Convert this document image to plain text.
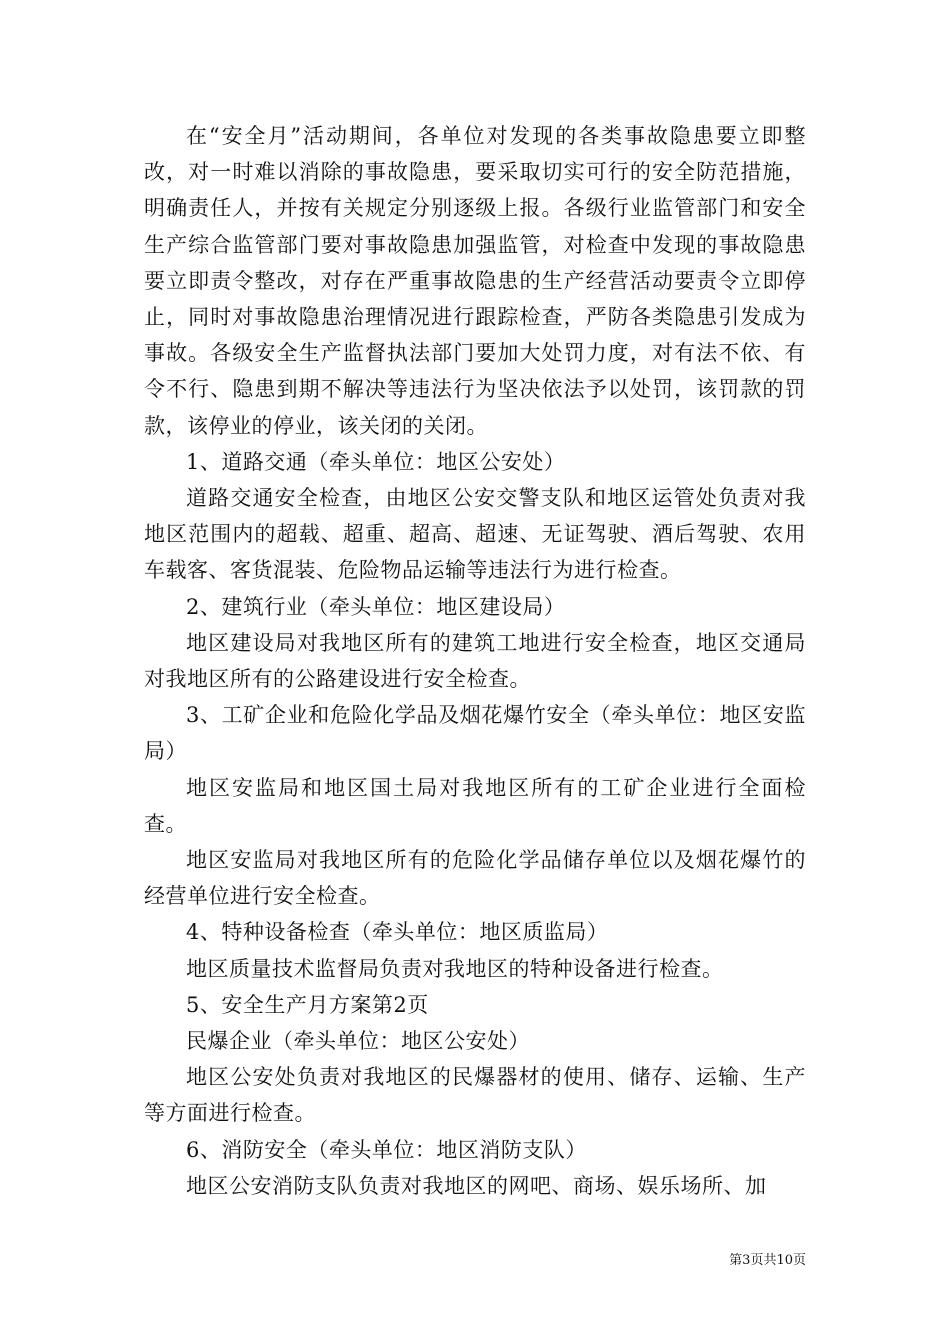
在“安全月”活动期间，各单位对发现的各类事故隐患要立即整改，对一时难以消除的事故隐患，要采取切实可行的安全防范措施，明确责任人，并按有关规定分别逐级上报。各级行业监管部门和安全生产综合监管部门要对事故隐患加强监管，对检查中发现的事故隐患要立即责令整改，对存在严重事故隐患的生产经营活动要责令立即停止，同时对事故隐患治理情况进行跟踪检查，严防各类隐患引发成为事故。各级安全生产监督执法部门要加大处罚力度，对有法不依、有令不行、隐患到期不解决等违法行为坚决依法予以处罚，该罚款的罚款，该停业的停业，该关闭的关闭。

1、道路交通（牵头单位：地区公安处）

道路交通安全检查，由地区公安交警支队和地区运管处负责对我地区范围内的超载、超重、超高、超速、无证驾驶、酒后驾驶、农用车载客、客货混装、危险物品运输等违法行为进行检查。

2、建筑行业（牵头单位：地区建设局）

地区建设局对我地区所有的建筑工地进行安全检查，地区交通局对我地区所有的公路建设进行安全检查。

3、工矿企业和危险化学品及烟花爆竹安全（牵头单位：地区安监局）

地区安监局和地区国土局对我地区所有的工矿企业进行全面检查。

地区安监局对我地区所有的危险化学品储存单位以及烟花爆竹的经营单位进行安全检查。

4、特种设备检查（牵头单位：地区质监局）

地区质量技术监督局负责对我地区的特种设备进行检查。

5、安全生产月方案第2页

民爆企业（牵头单位：地区公安处）

地区公安处负责对我地区的民爆器材的使用、储存、运输、生产等方面进行检查。

6、消防安全（牵头单位：地区消防支队）

地区公安消防支队负责对我地区的网吧、商场、娱乐场所、加

第3页共10页
